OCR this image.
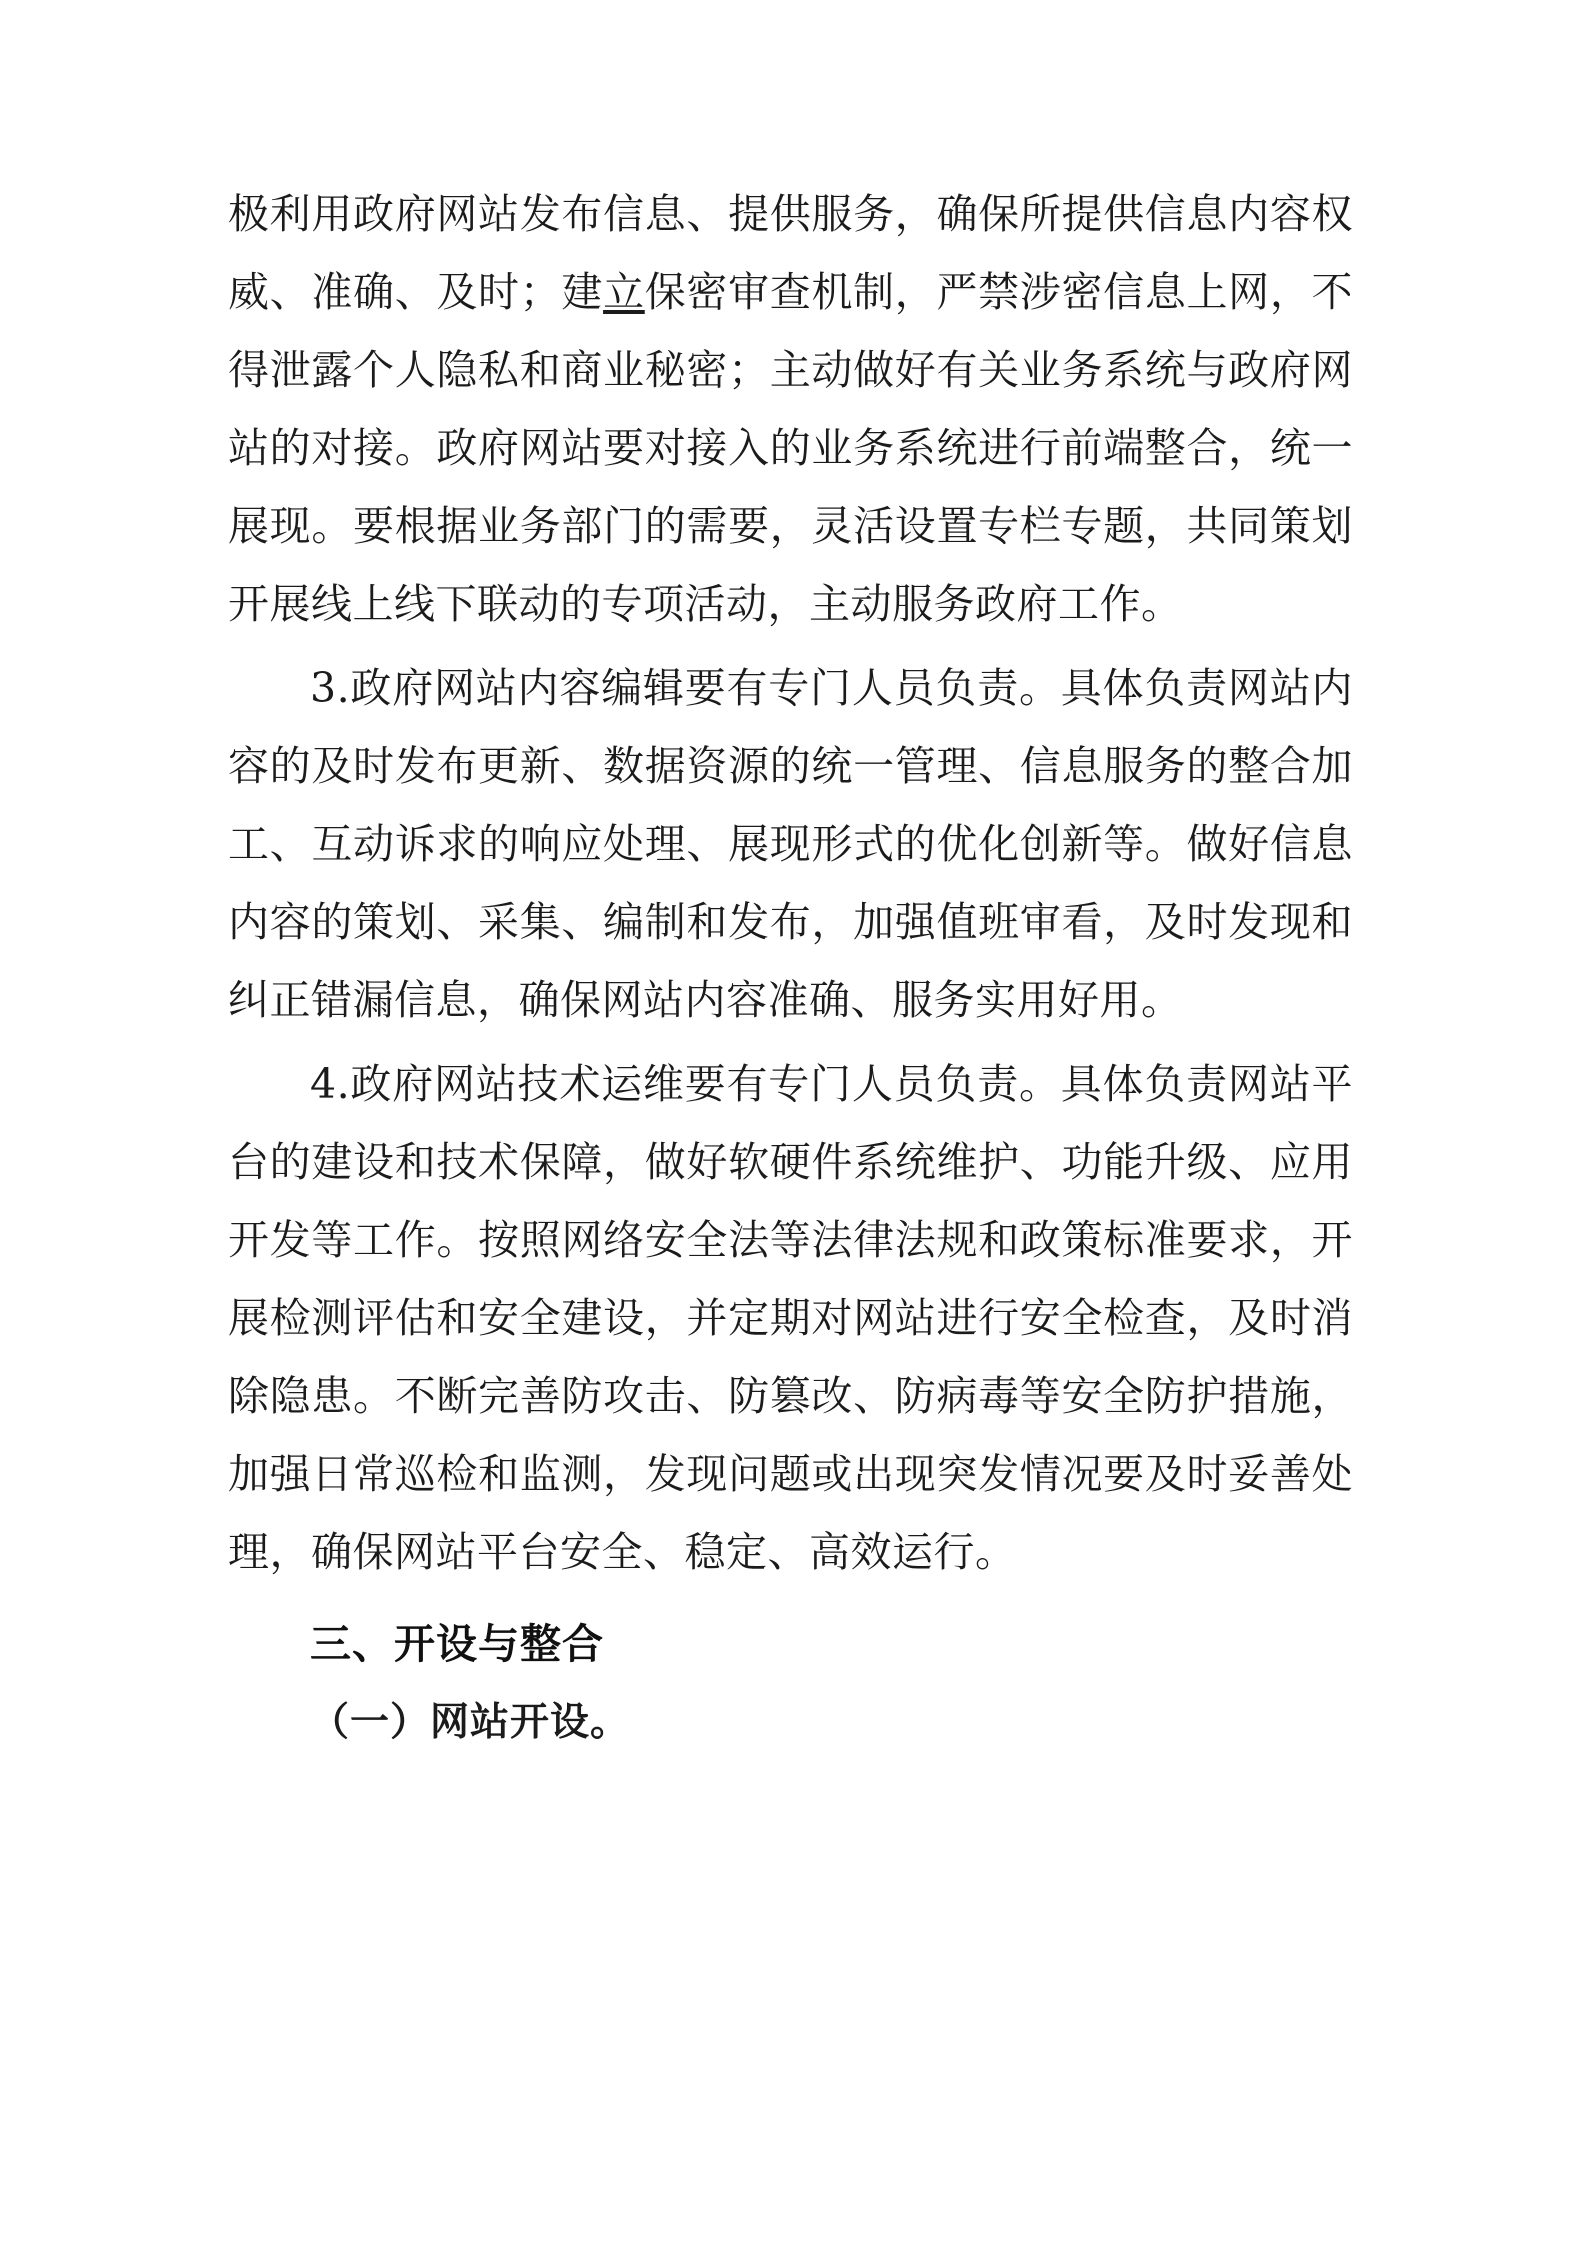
极利用政府网站发布信息、提供服务，确保所提供信息内容权威、准确、及时；建立保密审查机制，严禁涉密信息上网，不得泄露个人隐私和商业秘密；主动做好有关业务系统与政府网站的对接。政府网站要对接入的业务系统进行前端整合，统一展现。要根据业务部门的需要，灵活设置专栏专题，共同策划开展线上线下联动的专项活动，主动服务政府工作。

3.政府网站内容编辑要有专门人员负责。具体负责网站内容的及时发布更新、数据资源的统一管理、信息服务的整合加工、互动诉求的响应处理、展现形式的优化创新等。做好信息内容的策划、采集、编制和发布，加强值班审看，及时发现和纠正错漏信息，确保网站内容准确、服务实用好用。

4.政府网站技术运维要有专门人员负责。具体负责网站平台的建设和技术保障，做好软硬件系统维护、功能升级、应用开发等工作。按照网络安全法等法律法规和政策标准要求，开展检测评估和安全建设，并定期对网站进行安全检查，及时消除隐患。不断完善防攻击、防篡改、防病毒等安全防护措施，加强日常巡检和监测，发现问题或出现突发情况要及时妥善处理，确保网站平台安全、稳定、高效运行。

三、开设与整合

（一）网站开设。
